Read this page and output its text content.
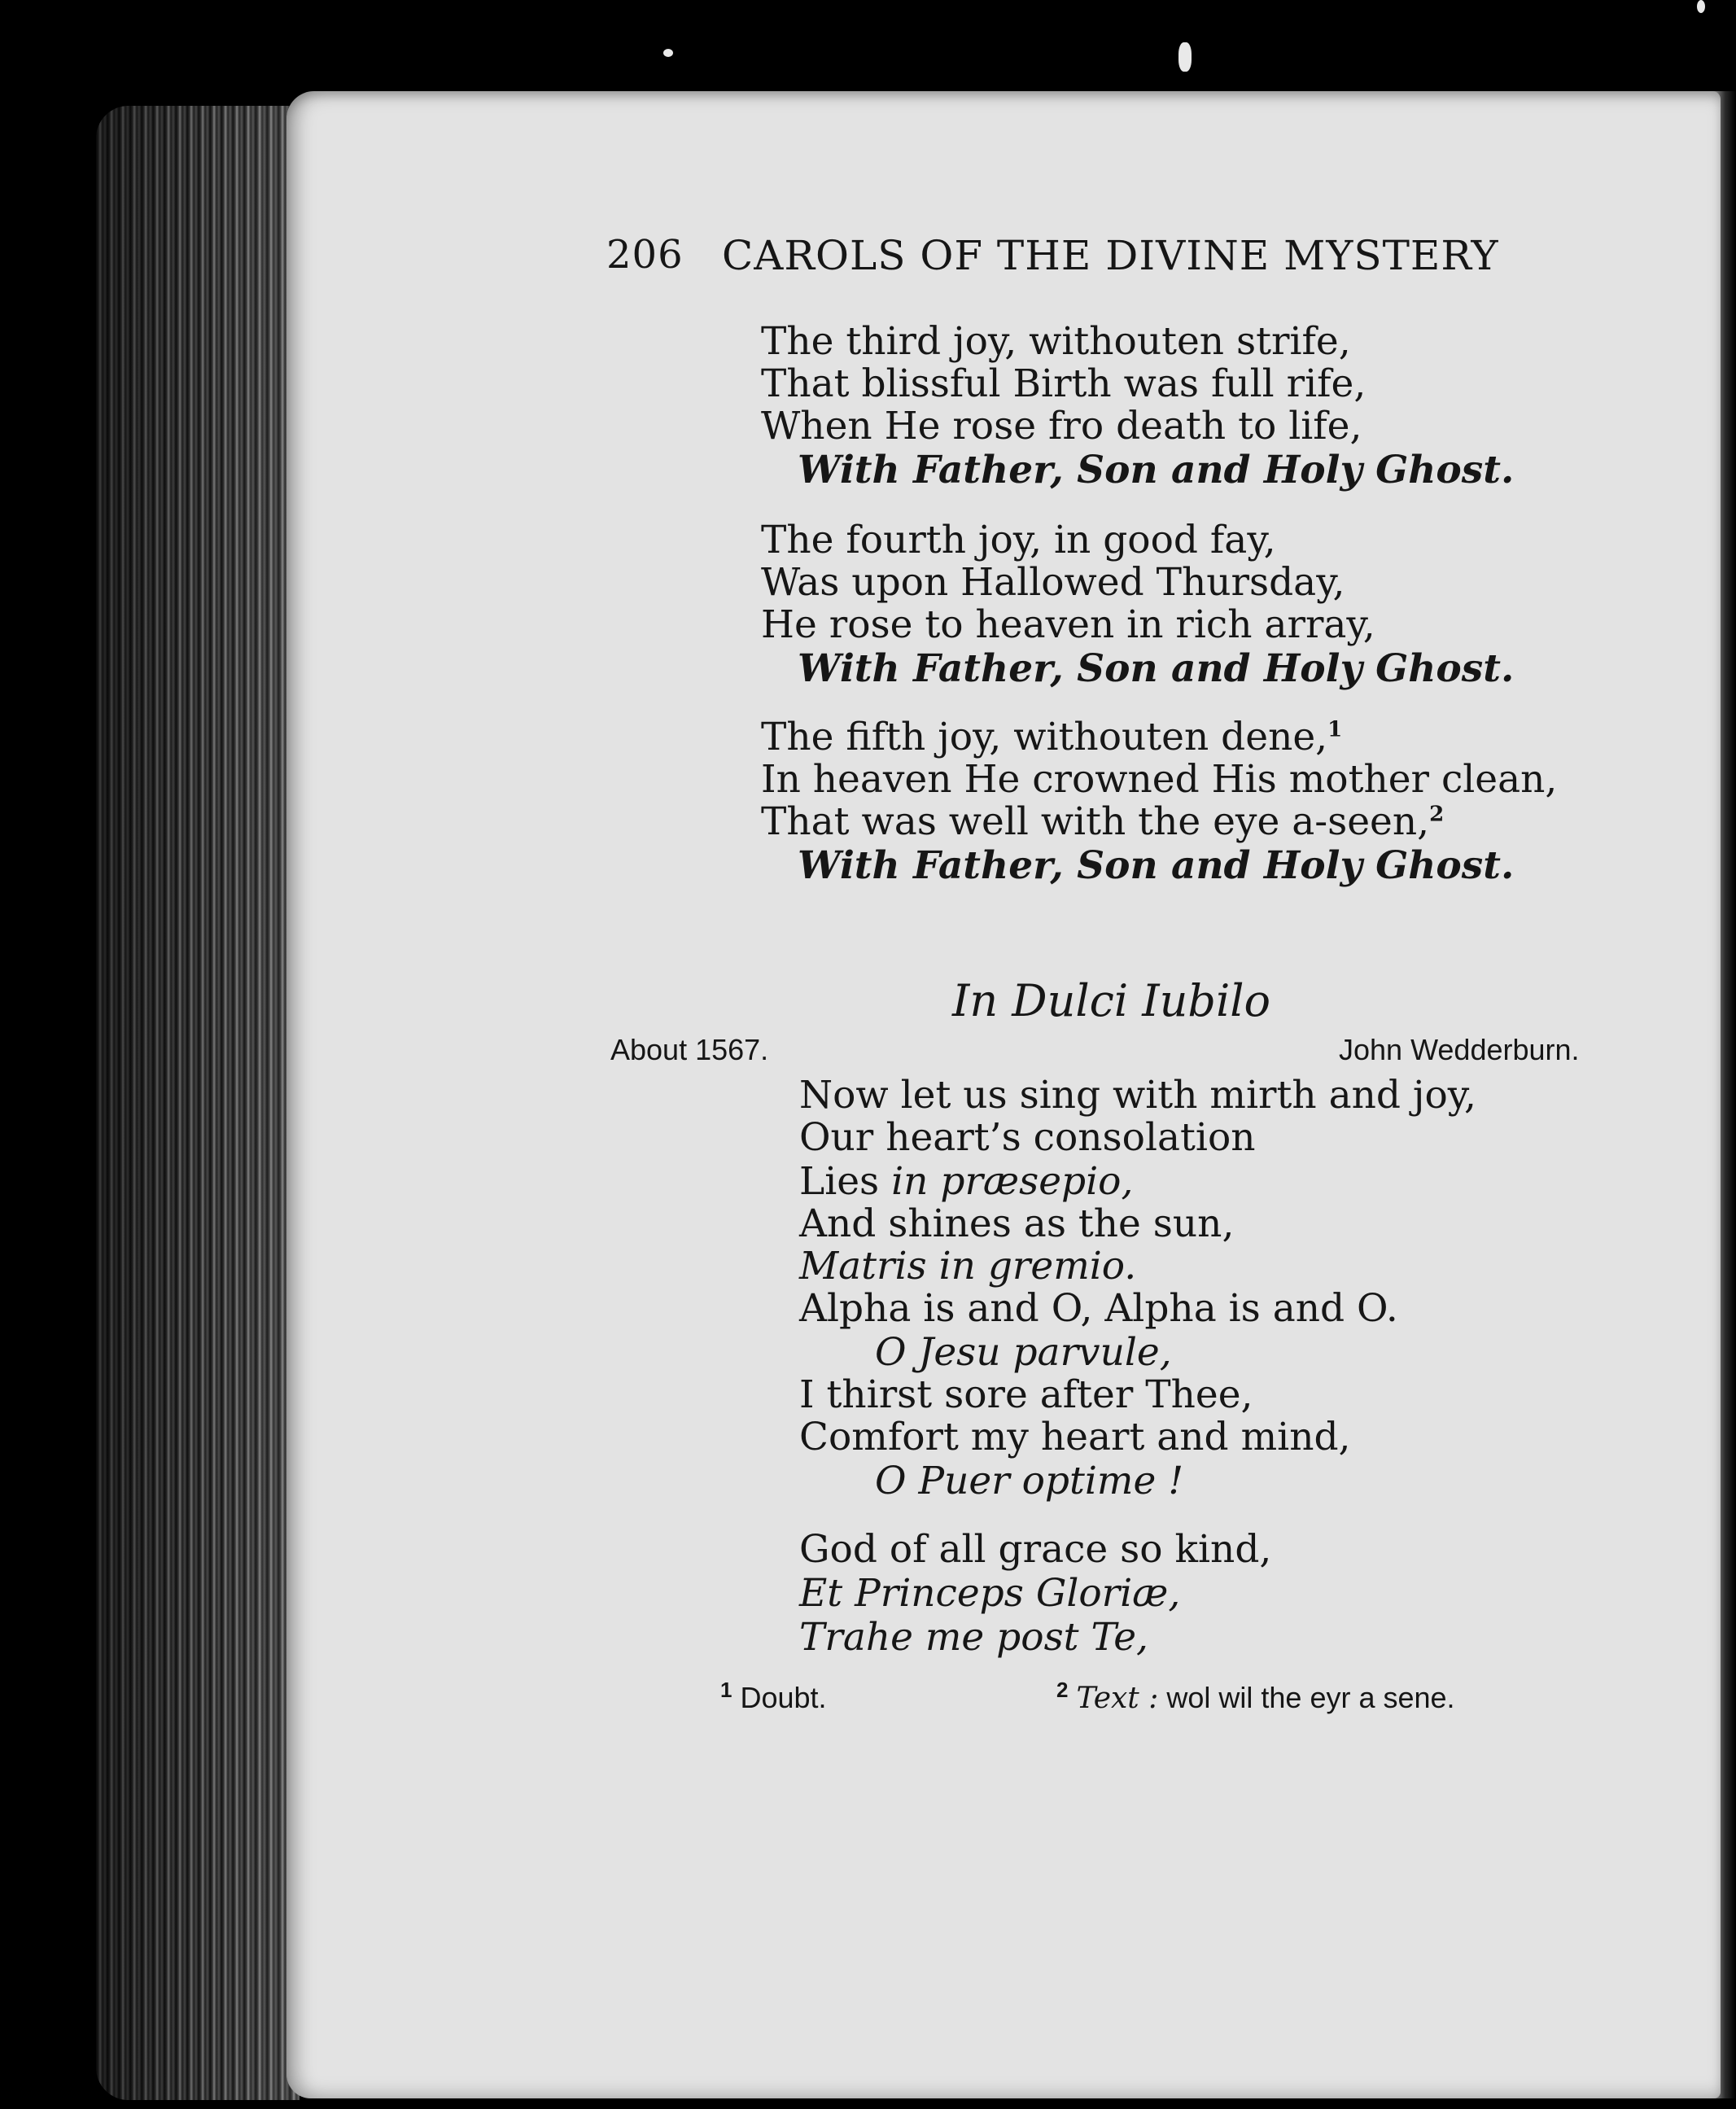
206 CAROLS OF THE DIVINE MYSTERY
The third joy, withouten strife,
That blissful Birth was full rife,
When He rose fro death to life,
With Father, Son and Holy Ghost.
The fourth joy, in good fay,
Was upon Hallowed Thursday,
He rose to heaven in rich array,
With Father, Son and Holy Ghost.
The fifth joy, withouten dene,$^1$
In heaven He crowned His mother clean,
That was well with the eye a-seen,$^2$
With Father, Son and Holy Ghost.
In Dulci Iubilo
About 1567.	John Wedderburn.
Now let us sing with mirth and joy,
Our heart’s consolation
Lies in præsepio,
And shines as the sun,
Matris in gremio.
Alpha is and O, Alpha is and O.
O Jesu parvule,
I thirst sore after Thee,
Comfort my heart and mind,
O Puer optime !
God of all grace so kind,
Et Princeps Gloriæ,
Trahe me post Te,
$^1$ Doubt.	$^2$ Text : wol wil the eyr a sene.
